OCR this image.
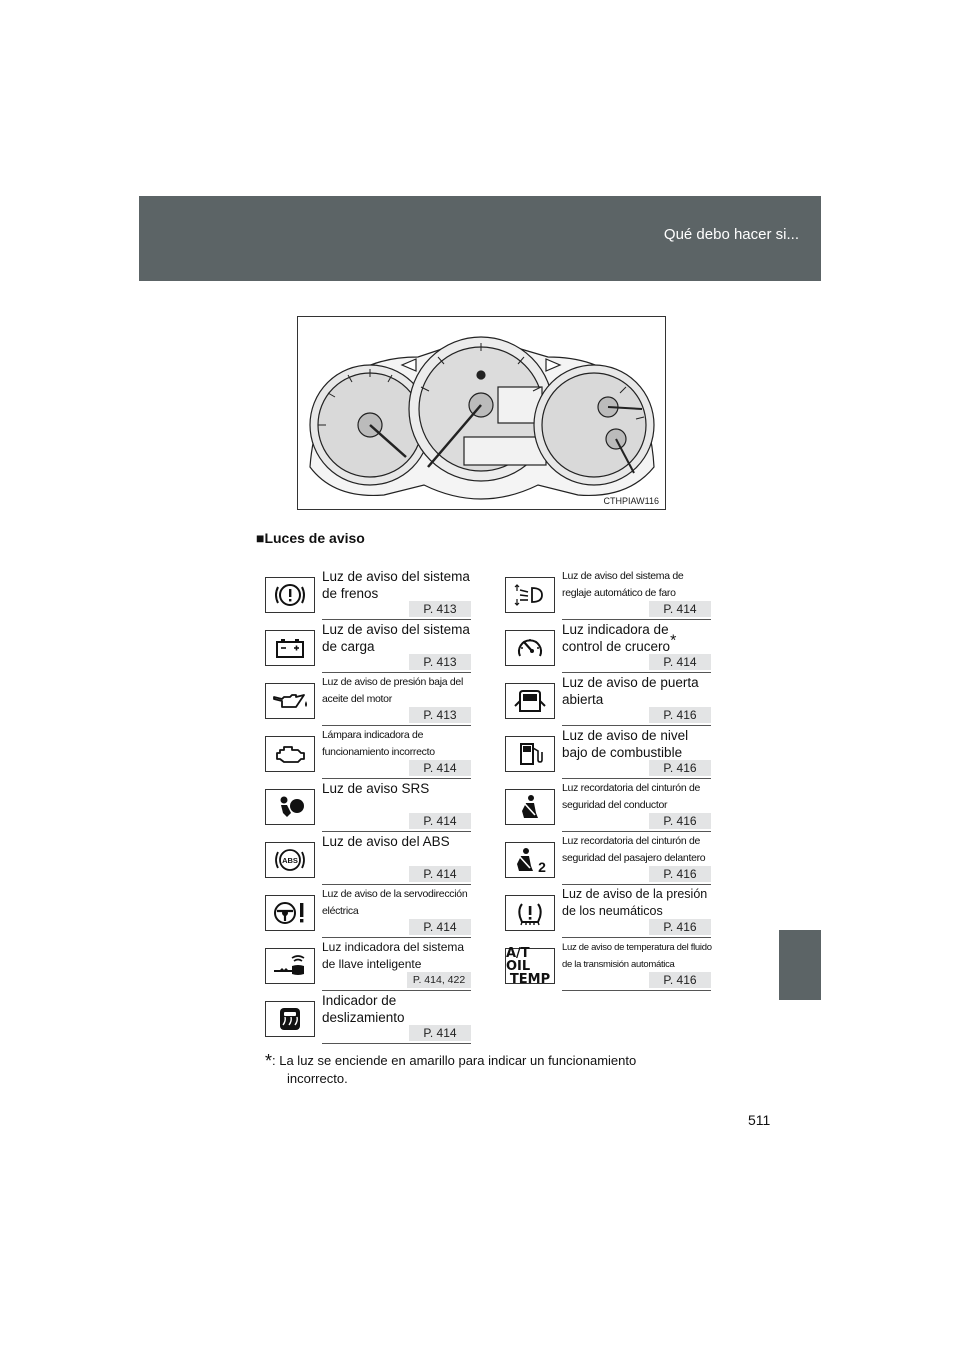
Qué debo hacer si...
CTHPIAW116
■Luces de aviso
Luz de aviso del sistema de frenos
P. 413
Luz de aviso del sistema de carga
P. 413
Luz de aviso de presión baja del aceite del motor
P. 413
Lámpara indicadora de funcionamiento incorrecto
P. 414
Luz de aviso SRS
P. 414
ABS
Luz de aviso del ABS
P. 414
Luz de aviso de la servodirección eléctrica
P. 414
Luz indicadora del sistema de llave inteligente
P. 414, 422
Indicador de deslizamiento
P. 414
Luz de aviso del sistema de reglaje automático de faro
P. 414
Luz indicadora de control de crucero*
P. 414
Luz de aviso de puerta abierta
P. 416
Luz de aviso de nivel bajo de combustible
P. 416
Luz recordatoria del cinturón de seguridad del conductor
P. 416
2
Luz recordatoria del cinturón de seguridad del pasajero delantero
P. 416
Luz de aviso de la presión de los neumáticos
P. 416
A/T OIL
TEMP
Luz de aviso de temperatura del fluido de la transmisión automática
P. 416
*: La luz se enciende en amarillo para indicar un funcionamiento
incorrecto.
511
